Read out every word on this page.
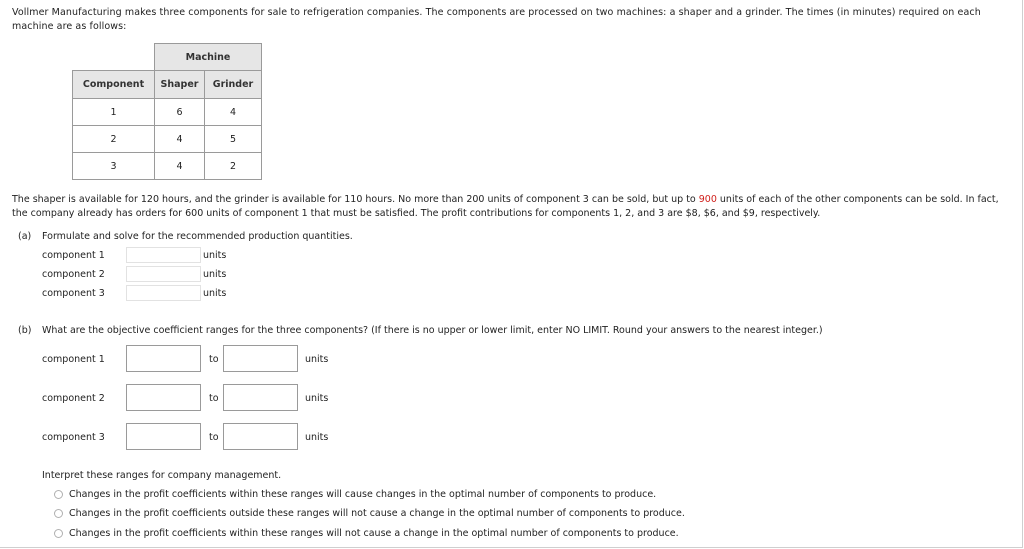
Vollmer Manufacturing makes three components for sale to refrigeration companies. The components are processed on two machines: a shaper and a grinder. The times (in minutes) required on each machine are as follows:
	Machine	
Component	Shaper	Grinder
1	6	4
2	4	5
3	4	2
The shaper is available for 120 hours, and the grinder is available for 110 hours. No more than 200 units of component 3 can be sold, but up to 900 units of each of the other components can be sold. In fact, the company already has orders for 600 units of component 1 that must be satisfied. The profit contributions for components 1, 2, and 3 are $8, $6, and $9, respectively.
(a) Formulate and solve for the recommended production quantities.
component 1	units
component 2	units
component 3	units
(b) What are the objective coefficient ranges for the three components? (If there is no upper or lower limit, enter NO LIMIT. Round your answers to the nearest integer.)
component 1	to	units
component 2	to	units
component 3	to	units
Interpret these ranges for company management.
Changes in the profit coefficients within these ranges will cause changes in the optimal number of components to produce.
Changes in the profit coefficients outside these ranges will not cause a change in the optimal number of components to produce.
Changes in the profit coefficients within these ranges will not cause a change in the optimal number of components to produce.
